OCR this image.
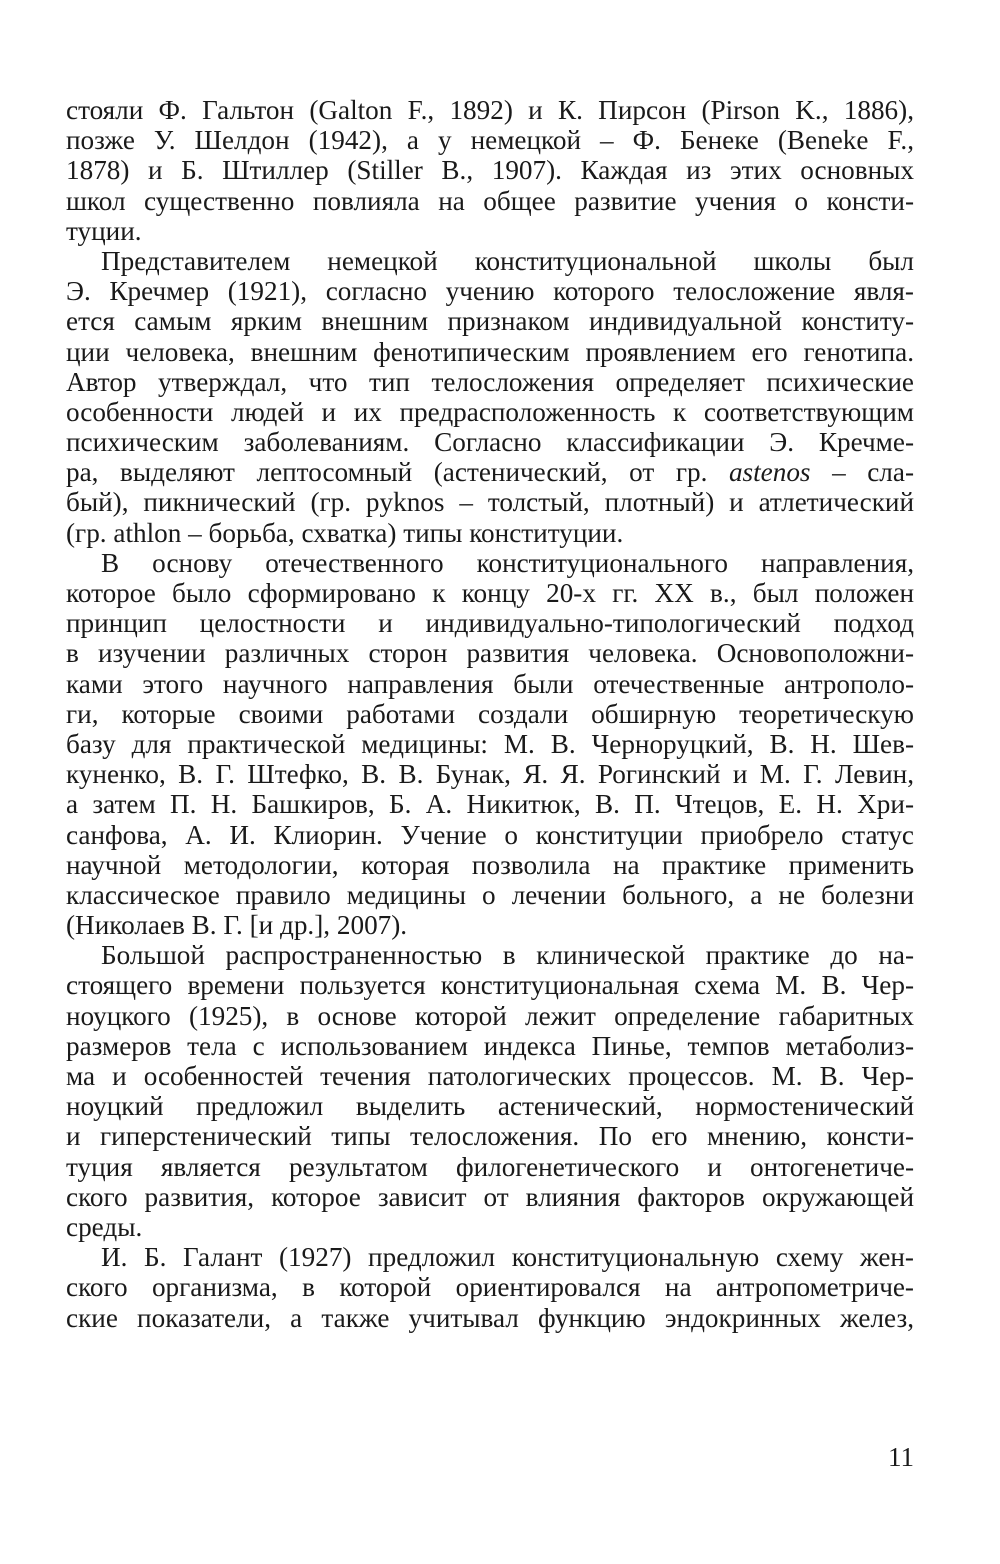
стояли Ф. Гальтон (Galton F., 1892) и К. Пирсон (Pirson K., 1886),
позже У. Шелдон (1942), а у немецкой – Ф. Бенеке (Beneke F.,
1878) и Б. Штиллер (Stiller B., 1907). Каждая из этих основных
школ существенно повлияла на общее развитие учения о консти-
туции.
Представителем немецкой конституциональной школы был
Э. Кречмер (1921), согласно учению которого телосложение явля-
ется самым ярким внешним признаком индивидуальной конститу-
ции человека, внешним фенотипическим проявлением его генотипа.
Автор утверждал, что тип телосложения определяет психические
особенности людей и их предрасположенность к соответствующим
психическим заболеваниям. Согласно классификации Э. Кречме-
ра, выделяют лептосомный (астенический, от гр. astenos – сла-
бый), пикнический (гр. pyknos – толстый, плотный) и атлетический
(гр. athlon – борьба, схватка) типы конституции.
В основу отечественного конституционального направления,
которое было сформировано к концу 20-х гг. XX в., был положен
принцип целостности и индивидуально-типологический подход
в изучении различных сторон развития человека. Основоположни-
ками этого научного направления были отечественные антрополо-
ги, которые своими работами создали обширную теоретическую
базу для практической медицины: М. В. Черноруцкий, В. Н. Шев-
куненко, В. Г. Штефко, В. В. Бунак, Я. Я. Рогинский и М. Г. Левин,
а затем П. Н. Башкиров, Б. А. Никитюк, В. П. Чтецов, Е. Н. Хри-
санфова, А. И. Клиорин. Учение о конституции приобрело статус
научной методологии, которая позволила на практике применить
классическое правило медицины о лечении больного, а не болезни
(Николаев В. Г. [и др.], 2007).
Большой распространенностью в клинической практике до на-
стоящего времени пользуется конституциональная схема М. В. Чер-
ноуцкого (1925), в основе которой лежит определение габаритных
размеров тела с использованием индекса Пинье, темпов метаболиз-
ма и особенностей течения патологических процессов. М. В. Чер-
ноуцкий предложил выделить астенический, нормостенический
и гиперстенический типы телосложения. По его мнению, консти-
туция является результатом филогенетического и онтогенетиче-
ского развития, которое зависит от влияния факторов окружающей
среды.
И. Б. Галант (1927) предложил конституциональную схему жен-
ского организма, в которой ориентировался на антропометриче-
ские показатели, а также учитывал функцию эндокринных желез,
11
